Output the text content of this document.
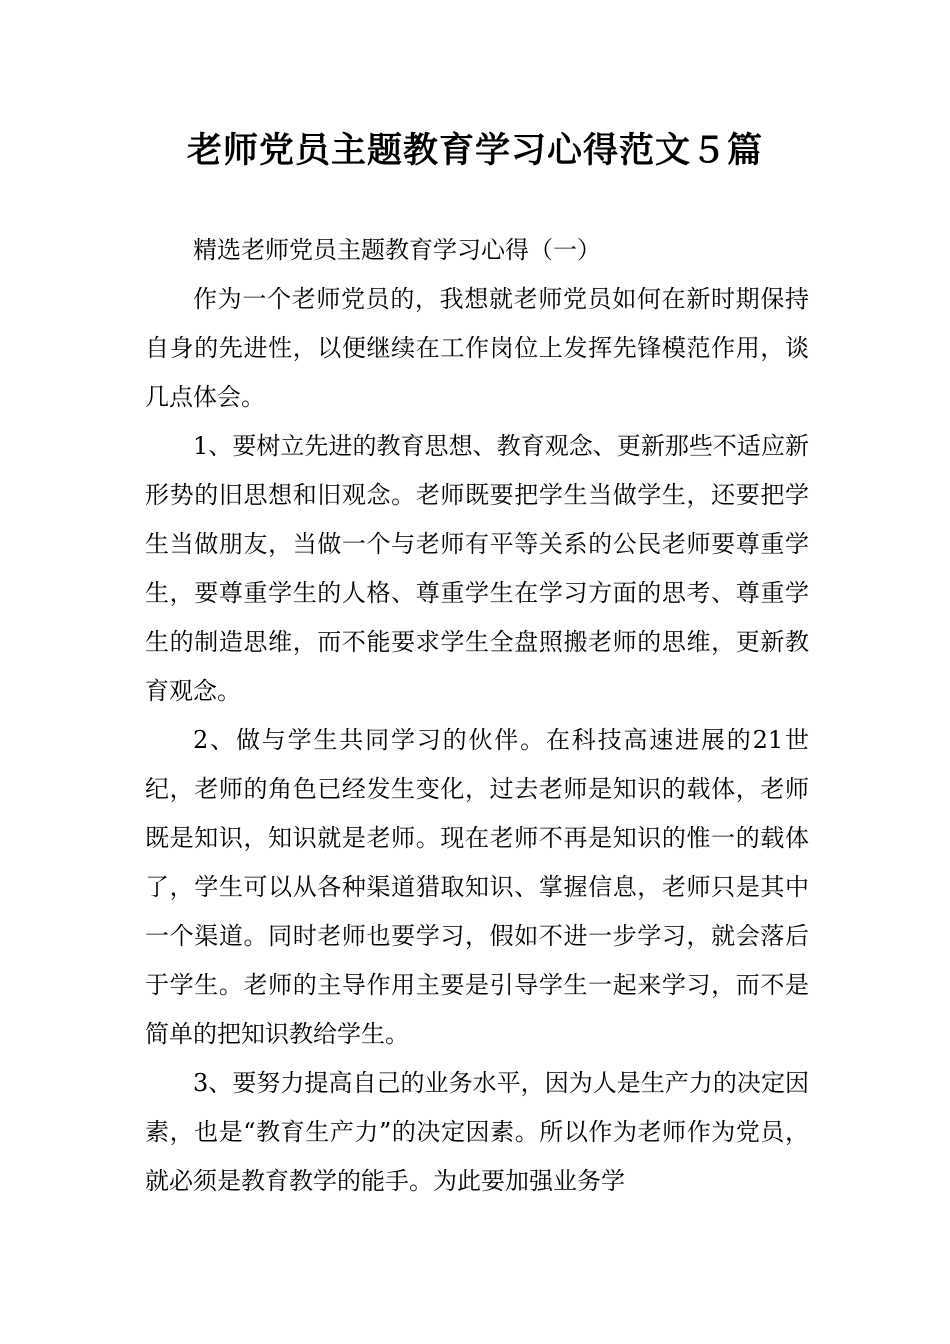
老师党员主题教育学习心得范文５篇

精选老师党员主题教育学习心得（一）

作为一个老师党员的，我想就老师党员如何在新时期保持自身的先进性，以便继续在工作岗位上发挥先锋模范作用，谈几点体会。

1、要树立先进的教育思想、教育观念、更新那些不适应新形势的旧思想和旧观念。老师既要把学生当做学生，还要把学生当做朋友，当做一个与老师有平等关系的公民老师要尊重学生，要尊重学生的人格、尊重学生在学习方面的思考、尊重学生的制造思维，而不能要求学生全盘照搬老师的思维，更新教育观念。

2、做与学生共同学习的伙伴。在科技高速进展的21世纪，老师的角色已经发生变化，过去老师是知识的载体，老师既是知识，知识就是老师。现在老师不再是知识的惟一的载体了，学生可以从各种渠道猎取知识、掌握信息，老师只是其中一个渠道。同时老师也要学习，假如不进一步学习，就会落后于学生。老师的主导作用主要是引导学生一起来学习，而不是简单的把知识教给学生。

3、要努力提高自己的业务水平，因为人是生产力的决定因素，也是“教育生产力”的决定因素。所以作为老师作为党员，就必须是教育教学的能手。为此要加强业务学
